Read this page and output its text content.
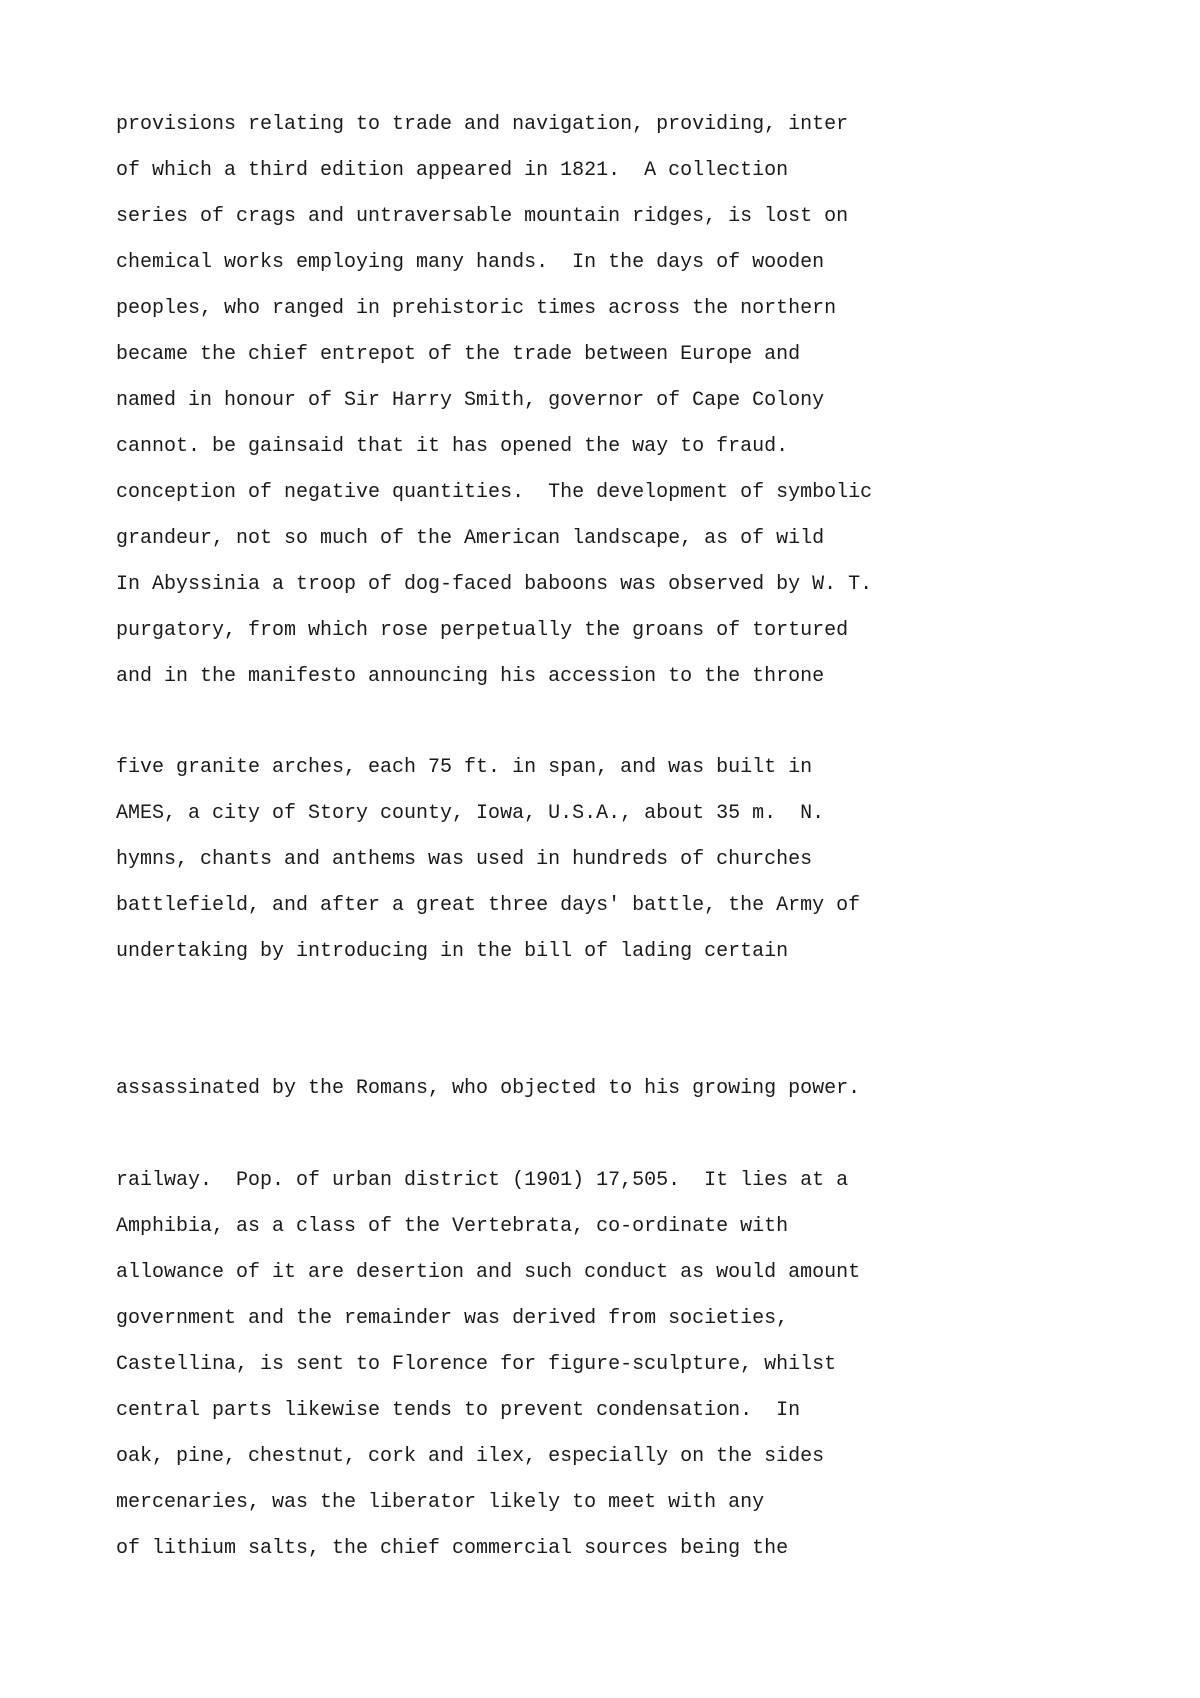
provisions relating to trade and navigation, providing, inter
of which a third edition appeared in 1821.  A collection
series of crags and untraversable mountain ridges, is lost on
chemical works employing many hands.  In the days of wooden
peoples, who ranged in prehistoric times across the northern
became the chief entrepot of the trade between Europe and
named in honour of Sir Harry Smith, governor of Cape Colony
cannot. be gainsaid that it has opened the way to fraud.
conception of negative quantities.  The development of symbolic
grandeur, not so much of the American landscape, as of wild
In Abyssinia a troop of dog-faced baboons was observed by W. T.
purgatory, from which rose perpetually the groans of tortured
and in the manifesto announcing his accession to the throne
five granite arches, each 75 ft. in span, and was built in
AMES, a city of Story county, Iowa, U.S.A., about 35 m.  N.
hymns, chants and anthems was used in hundreds of churches
battlefield, and after a great three days' battle, the Army of
undertaking by introducing in the bill of lading certain
assassinated by the Romans, who objected to his growing power.
railway.  Pop. of urban district (1901) 17,505.  It lies at a
Amphibia, as a class of the Vertebrata, co-ordinate with
allowance of it are desertion and such conduct as would amount
government and the remainder was derived from societies,
Castellina, is sent to Florence for figure-sculpture, whilst
central parts likewise tends to prevent condensation.  In
oak, pine, chestnut, cork and ilex, especially on the sides
mercenaries, was the liberator likely to meet with any
of lithium salts, the chief commercial sources being the
